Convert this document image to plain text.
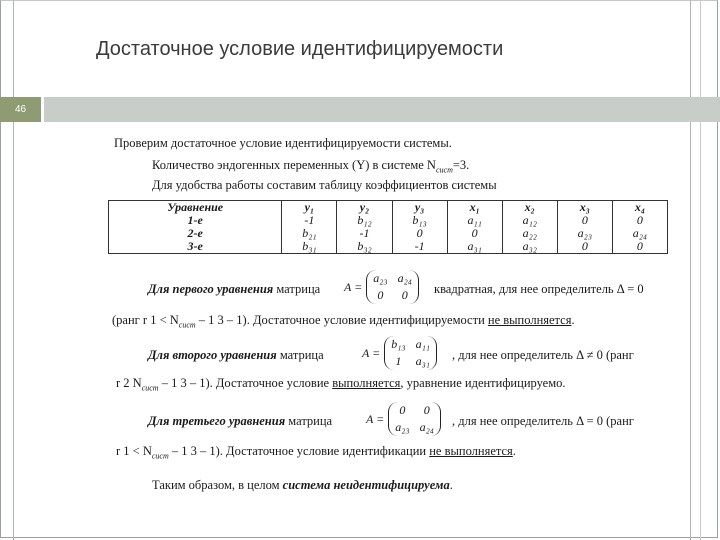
Достаточное условие идентифицируемости
46
Проверим достаточное условие идентифицируемости системы.
Количество эндогенных переменных (Y) в системе $N_{сист}=3$.
Для удобства работы составим таблицу коэффициентов системы
Уравнение	y₁	y₂	y₃	x₁	x₂	x₃	x₄
1-е	-1	b₁₂	b₁₃	a₁₁	a₁₂	0	0
2-е	b₂₁	-1	0	0	a₂₂	a₂₃	a₂₄
3-е	b₃₁	b₃₂	-1	a₃₁	a₃₂	0	0
Для первого уравнения матрица A =
a₂₃ a₂₄
0	0	квадратная, для нее определитель Δ = 0
(ранг r $1 < N_{сист} - 1$ 3 – 1). Достаточное условие идентифицируемости не выполняется.
Для второго уравнения матрица	A =
b₁₃ a₁₁
1	a₃₁ , для нее определитель Δ ≠ 0 (ранг
r 2 $N_{сист} - 1$ 3 – 1). Достаточное условие выполняется, уравнение идентифицируемо.
Для третьего уравнения матрица	A =
0	0
a₂₃ a₂₄ , для нее определитель Δ = 0 (ранг
r $1 < N_{сист} - 1$ 3 – 1). Достаточное условие идентификации не выполняется.
Таким образом, в целом система неидентифицируема.
